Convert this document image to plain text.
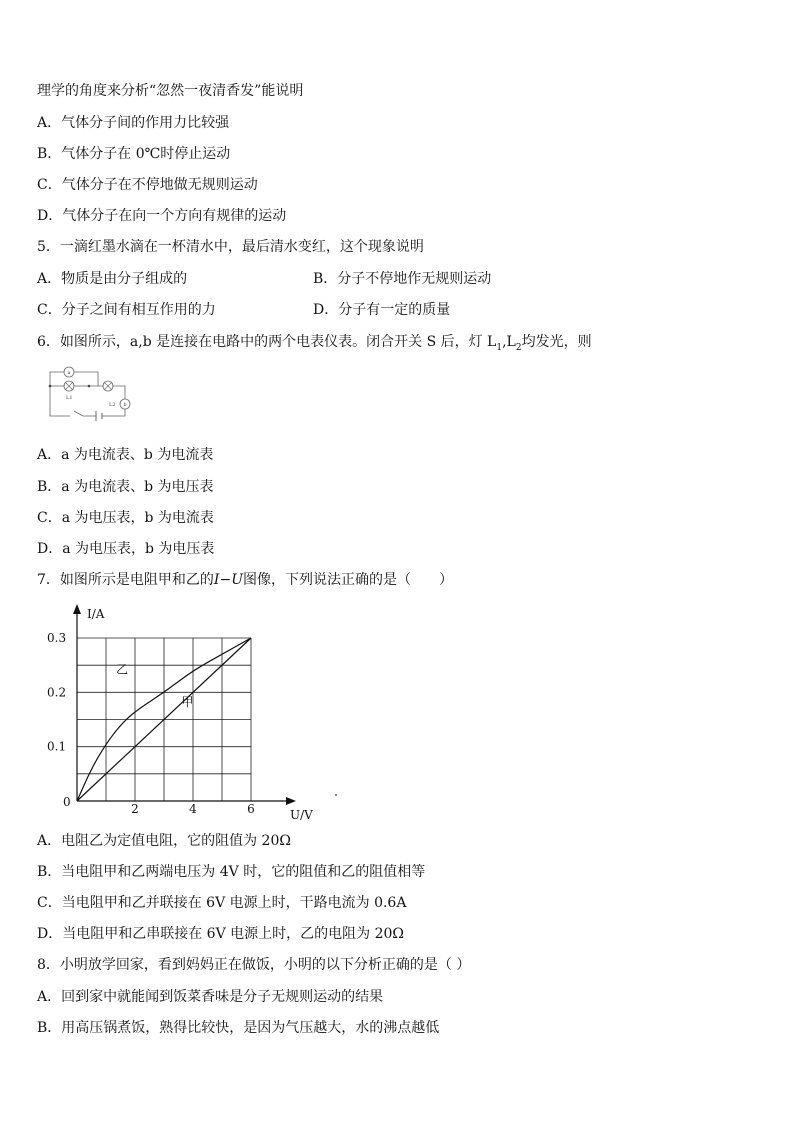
理学的角度来分析“忽然一夜清香发”能说明
A．气体分子间的作用力比较强
B．气体分子在 0℃时停止运动
C．气体分子在不停地做无规则运动
D．气体分子在向一个方向有规律的运动
5．一滴红墨水滴在一杯清水中，最后清水变红，这个现象说明
A．物质是由分子组成的	B．分子不停地作无规则运动
C．分子之间有相互作用的力	D．分子有一定的质量
6．如图所示，a,b 是连接在电路中的两个电表仪表。闭合开关 S 后，灯 $L_1,L_2$均发光，则
a
L1
L2 b
A．a 为电流表、b 为电流表
B．a 为电流表、b 为电压表
C．a 为电压表，b 为电流表
D．a 为电压表，b 为电压表
7．如图所示是电阻甲和乙的I−U图像，下列说法正确的是（　　）
I/A
U/V
0.1
0.2
0.3
2	4	6
0
甲
乙
A．电阻乙为定值电阻，它的阻值为 20Ω
B．当电阻甲和乙两端电压为 4V 时，它的阻值和乙的阻值相等
C．当电阻甲和乙并联接在 6V 电源上时，干路电流为 0.6A
D．当电阻甲和乙串联接在 6V 电源上时，乙的电阻为 20Ω
8．小明放学回家，看到妈妈正在做饭，小明的以下分析正确的是（ ）
A．回到家中就能闻到饭菜香味是分子无规则运动的结果
B．用高压锅煮饭，熟得比较快，是因为气压越大，水的沸点越低
